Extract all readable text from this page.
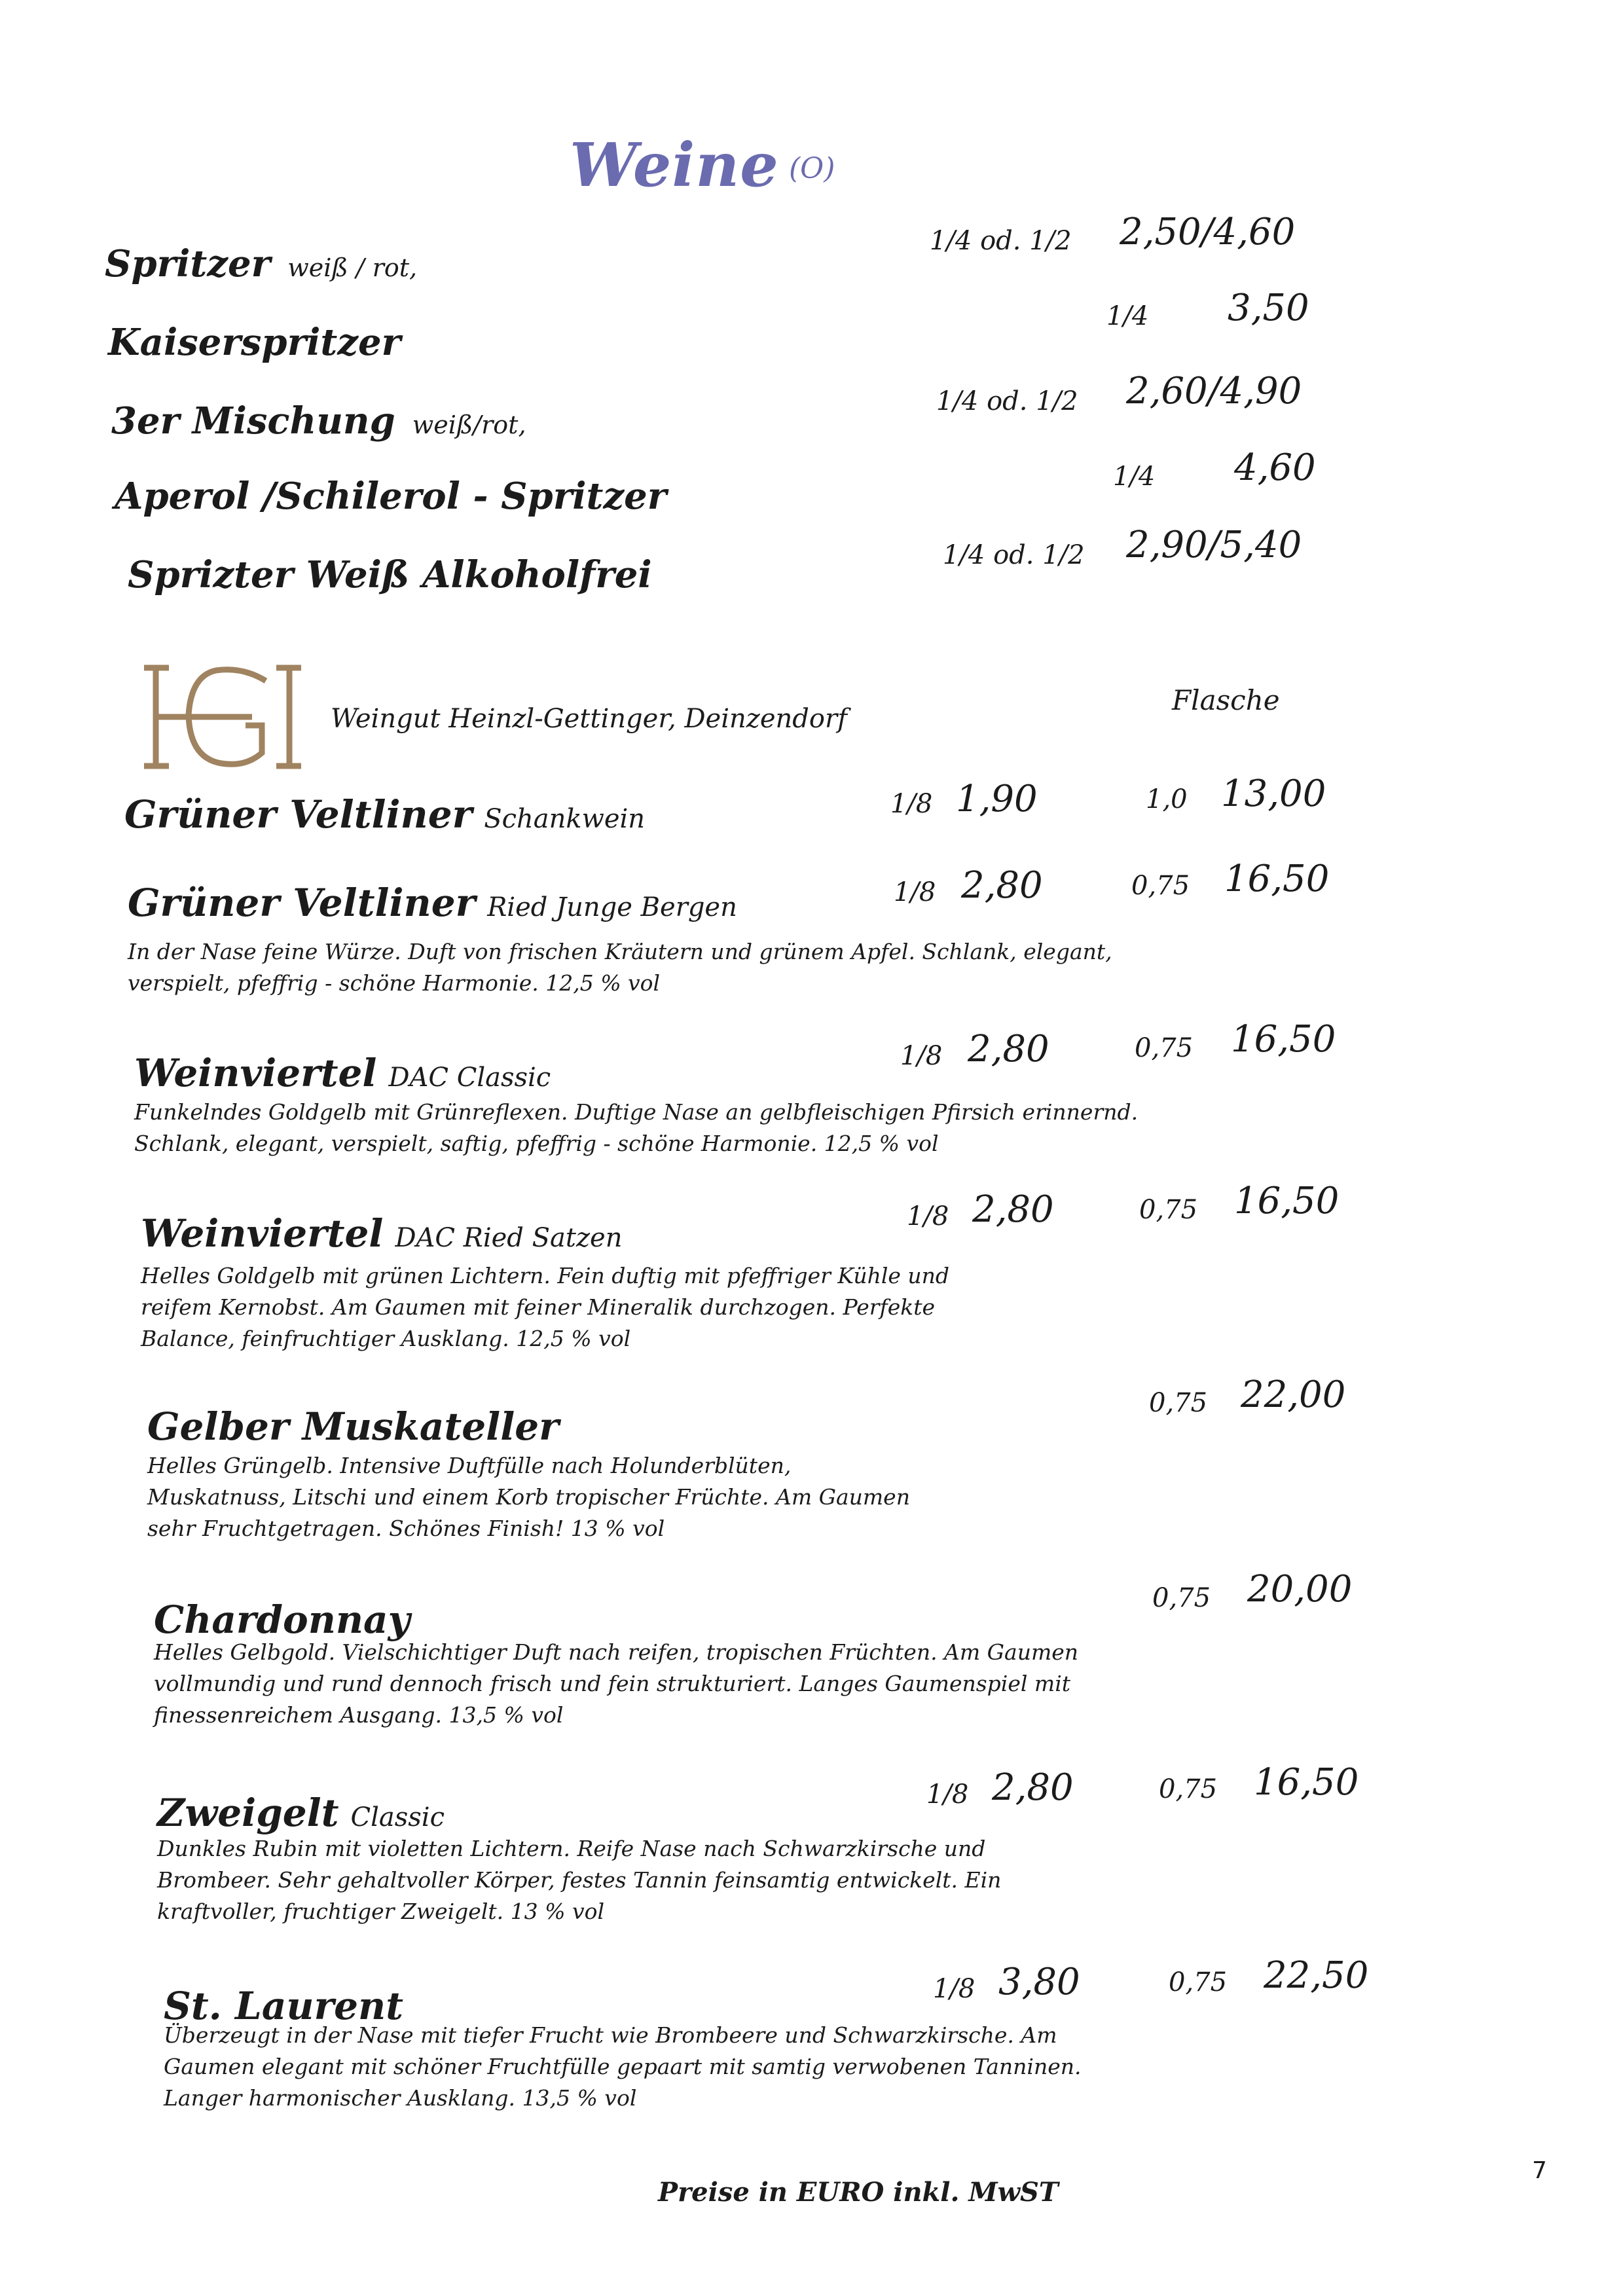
Weine (O)
Spritzer weiß / rot,
1/4 od. 1/2 2,50/4,60
Kaiserspritzer
1/4 3,50
3er Mischung weiß/rot,
1/4 od. 1/2 2,60/4,90
Aperol /Schilerol - Spritzer	1/4 4,60
Sprizter Weiß Alkoholfrei	1/4 od. 1/2 2,90/5,40
Weingut Heinzl-Gettinger, Deinzendorf
Flasche
Grüner Veltliner Schankwein	1/8 1,90	1,0 13,00
Grüner Veltliner Ried Junge Bergen	1/8 2,80	0,75 16,50
In der Nase feine Würze. Duft von frischen Kräutern und grünem Apfel. Schlank, elegant, verspielt, pfeffrig - schöne Harmonie. 12,5 % vol
Weinviertel DAC Classic
1/8 2,80	0,75 16,50
Funkelndes Goldgelb mit Grünreflexen. Duftige Nase an gelbfleischigen Pfirsich erinnernd. Schlank, elegant, verspielt, saftig, pfeffrig - schöne Harmonie. 12,5 % vol
Weinviertel DAC Ried Satzen
1/8 2,80	0,75 16,50
Helles Goldgelb mit grünen Lichtern. Fein duftig mit pfeffriger Kühle und reifem Kernobst. Am Gaumen mit feiner Mineralik durchzogen. Perfekte Balance, feinfruchtiger Ausklang. 12,5 % vol
Gelber Muskateller
0,75 22,00
Helles Grüngelb. Intensive Duftfülle nach Holunderblüten, Muskatnuss, Litschi und einem Korb tropischer Früchte. Am Gaumen sehr Fruchtgetragen. Schönes Finish! 13 % vol
Chardonnay	0,75 20,00
Helles Gelbgold. Vielschichtiger Duft nach reifen, tropischen Früchten. Am Gaumen vollmundig und rund dennoch frisch und fein strukturiert. Langes Gaumenspiel mit finessenreichem Ausgang. 13,5 % vol
Zweigelt Classic
1/8 2,80	0,75 16,50
Dunkles Rubin mit violetten Lichtern. Reife Nase nach Schwarzkirsche und Brombeer. Sehr gehaltvoller Körper, festes Tannin feinsamtig entwickelt. Ein kraftvoller, fruchtiger Zweigelt. 13 % vol
St. Laurent	1/8 3,80	0,75 22,50
Überzeugt in der Nase mit tiefer Frucht wie Brombeere und Schwarzkirsche. Am Gaumen elegant mit schöner Fruchtfülle gepaart mit samtig verwobenen Tanninen. Langer harmonischer Ausklang. 13,5 % vol
Preise in EURO inkl. MwST
7
